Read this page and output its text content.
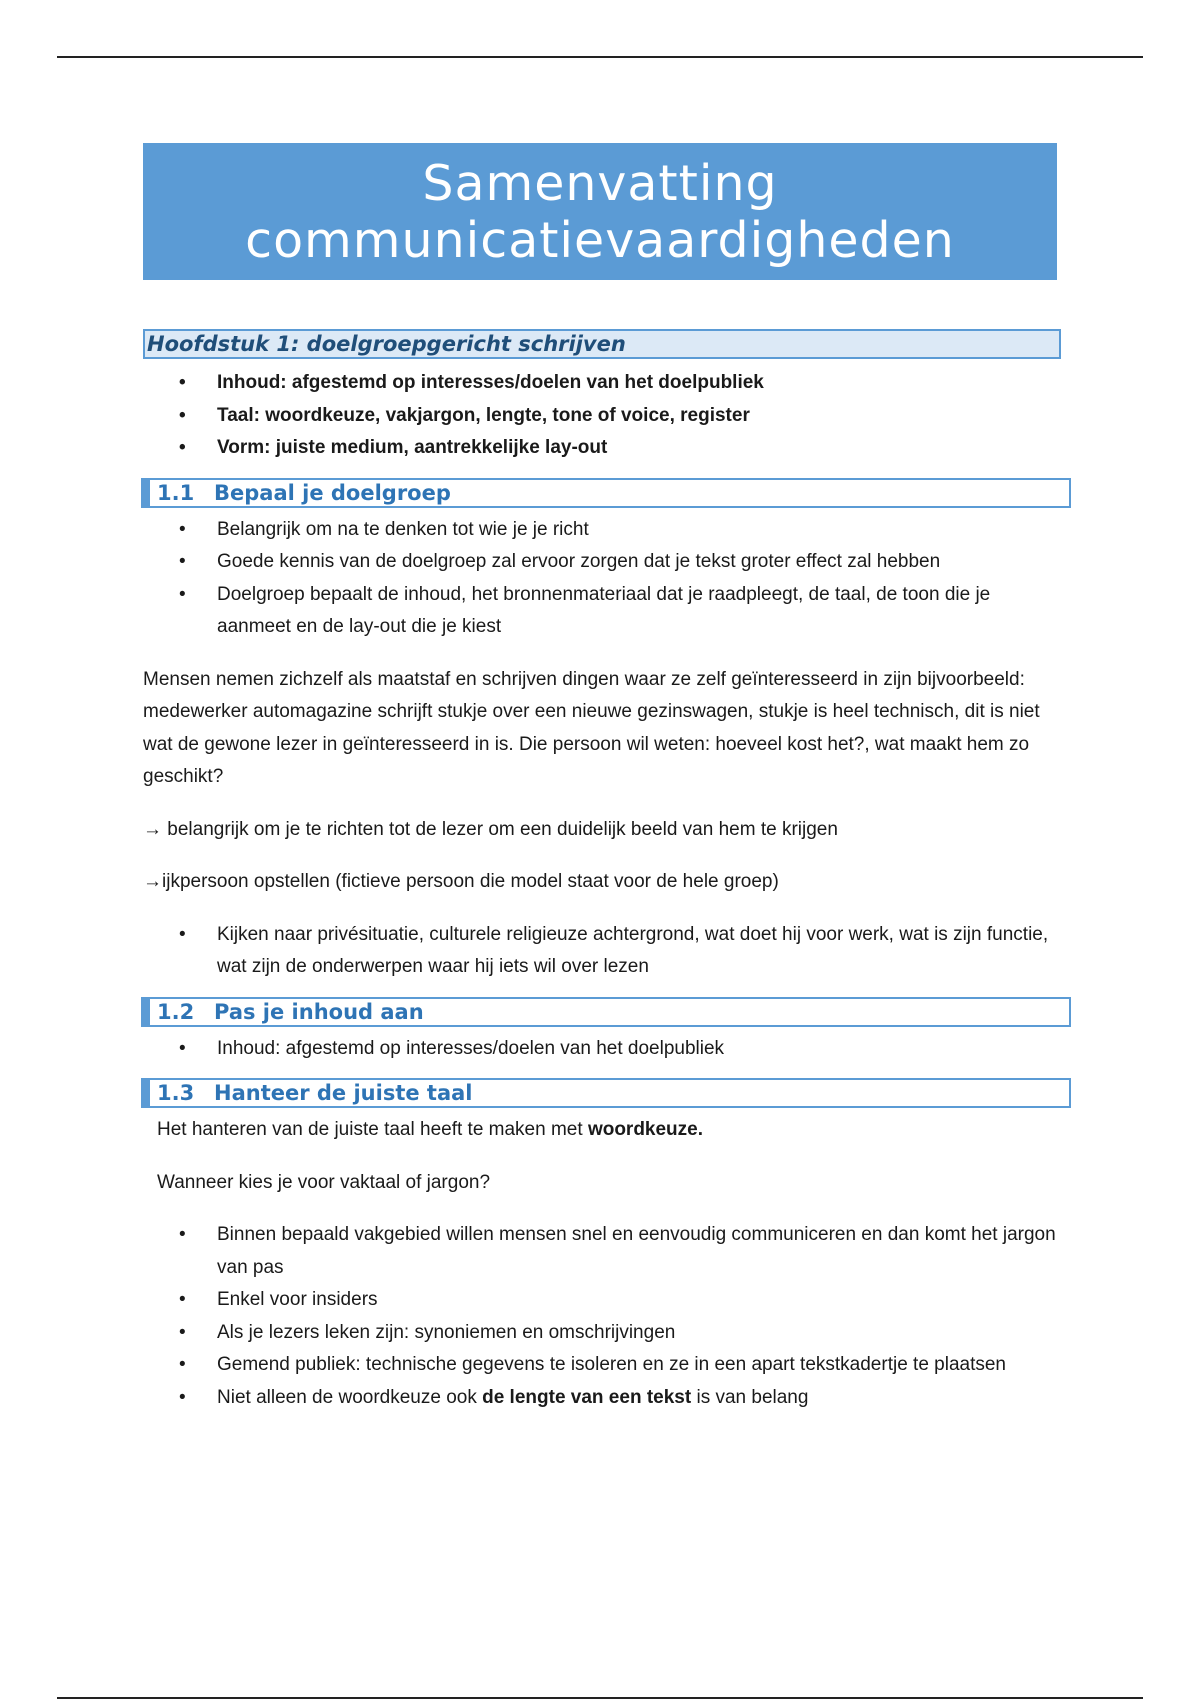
Samenvatting
communicatievaardigheden
Hoofdstuk 1: doelgroepgericht schrijven
• Inhoud: afgestemd op interesses/doelen van het doelpubliek
• Taal: woordkeuze, vakjargon, lengte, tone of voice, register
• Vorm: juiste medium, aantrekkelijke lay-out
1.1 Bepaal je doelgroep
• Belangrijk om na te denken tot wie je je richt
• Goede kennis van de doelgroep zal ervoor zorgen dat je tekst groter effect zal hebben
• Doelgroep bepaalt de inhoud, het bronnenmateriaal dat je raadpleegt, de taal, de toon die je aanmeet en de lay-out die je kiest

Mensen nemen zichzelf als maatstaf en schrijven dingen waar ze zelf geïnteresseerd in zijn bijvoorbeeld: medewerker automagazine schrijft stukje over een nieuwe gezinswagen, stukje is heel technisch, dit is niet wat de gewone lezer in geïnteresseerd in is. Die persoon wil weten: hoeveel kost het?, wat maakt hem zo geschikt?

→ belangrijk om je te richten tot de lezer om een duidelijk beeld van hem te krijgen

→ijkpersoon opstellen (fictieve persoon die model staat voor de hele groep)

• Kijken naar privésituatie, culturele religieuze achtergrond, wat doet hij voor werk, wat is zijn functie, wat zijn de onderwerpen waar hij iets wil over lezen
1.2 Pas je inhoud aan
• Inhoud: afgestemd op interesses/doelen van het doelpubliek
1.3 Hanteer de juiste taal

Het hanteren van de juiste taal heeft te maken met woordkeuze.

Wanneer kies je voor vaktaal of jargon?

• Binnen bepaald vakgebied willen mensen snel en eenvoudig communiceren en dan komt het jargon van pas
• Enkel voor insiders
• Als je lezers leken zijn: synoniemen en omschrijvingen
• Gemend publiek: technische gegevens te isoleren en ze in een apart tekstkadertje te plaatsen
• Niet alleen de woordkeuze ook de lengte van een tekst is van belang
